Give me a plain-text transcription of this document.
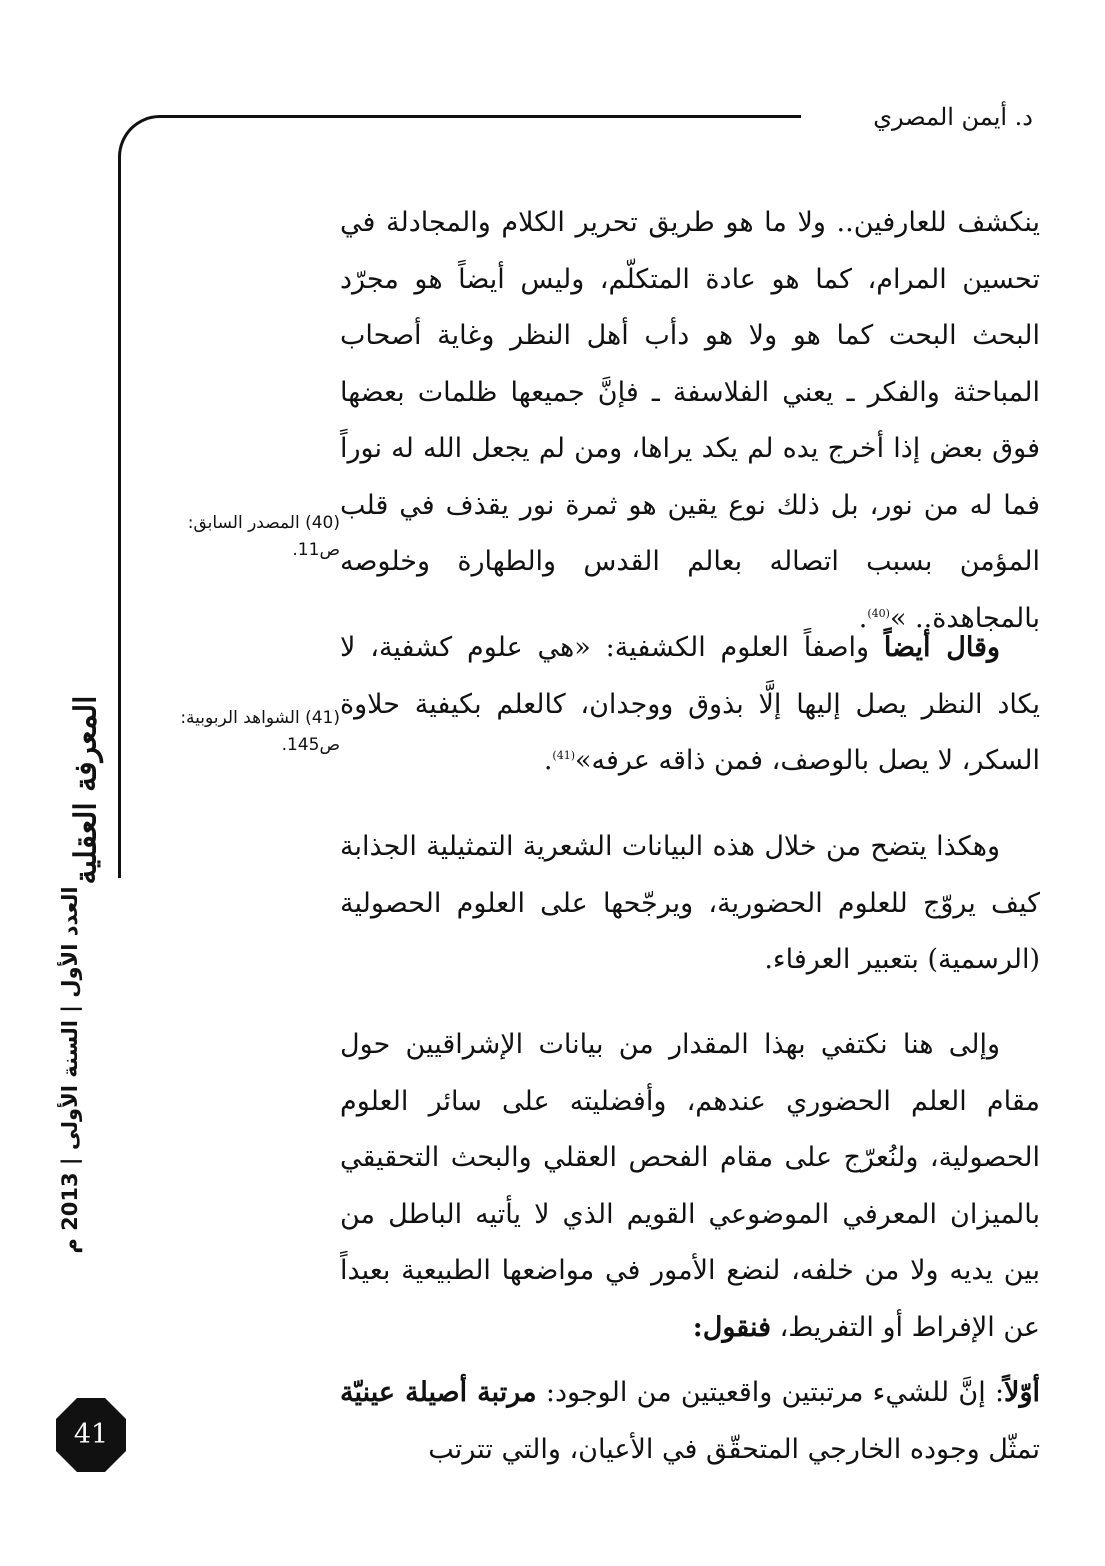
د. أيمن المصري

ينكشف للعارفين.. ولا ما هو طريق تحرير الكلام والمجادلة في تحسين المرام، كما هو عادة المتكلّم، وليس أيضاً هو مجرّد البحث البحت كما هو ولا هو دأب أهل النظر وغاية أصحاب المباحثة والفكر ـ يعني الفلاسفة ـ فإنَّ جميعها ظلمات بعضها فوق بعض إذا أخرج يده لم يكد يراها، ومن لم يجعل الله له نوراً فما له من نور، بل ذلك نوع يقين هو ثمرة نور يقذف في قلب المؤمن بسبب اتصاله بعالم القدس والطهارة وخلوصه بالمجاهدة.. »$^{(40)}$.

وقال أيضاً واصفاً العلوم الكشفية: «هي علوم كشفية، لا يكاد النظر يصل إليها إلَّا بذوق ووجدان، كالعلم بكيفية حلاوة السكر، لا يصل بالوصف، فمن ذاقه عرفه»$^{(41)}$.

وهكذا يتضح من خلال هذه البيانات الشعرية التمثيلية الجذابة كيف يروّج للعلوم الحضورية، ويرجّحها على العلوم الحصولية (الرسمية) بتعبير العرفاء.

وإلى هنا نكتفي بهذا المقدار من بيانات الإشراقيين حول مقام العلم الحضوري عندهم، وأفضليته على سائر العلوم الحصولية، ولنُعرّج على مقام الفحص العقلي والبحث التحقيقي بالميزان المعرفي الموضوعي القويم الذي لا يأتيه الباطل من بين يديه ولا من خلفه، لنضع الأمور في مواضعها الطبيعية بعيداً عن الإفراط أو التفريط، فنقول:

أوّلاً: إنَّ للشيء مرتبتين واقعيتين من الوجود: مرتبة أصيلة عينيّة تمثّل وجوده الخارجي المتحقّق في الأعيان، والتي تترتب

(40) المصدر السابق:
ص11.
(41) الشواهد الربوبية:
ص145.
المعرفة العقلية
العدد الأول | السنة الأولى | 2013 م
41
